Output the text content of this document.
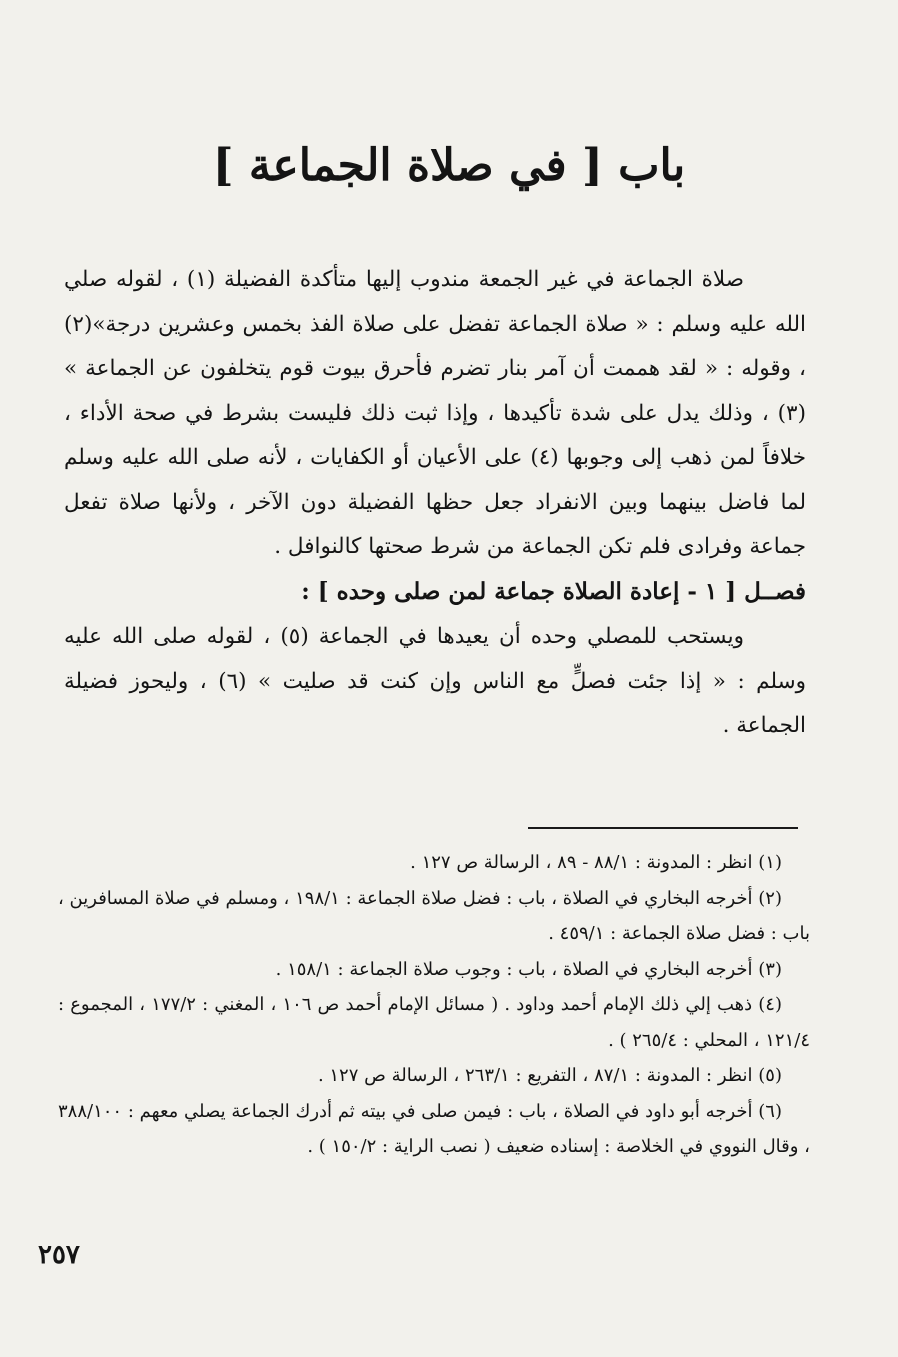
باب [ في صلاة الجماعة ]

صلاة الجماعة في غير الجمعة مندوب إليها متأكدة الفضيلة (١) ، لقوله صلي الله عليه وسلم : « صلاة الجماعة تفضل على صلاة الفذ بخمس وعشرين درجة»(٢) ، وقوله : « لقد هممت أن آمر بنار تضرم فأحرق بيوت قوم يتخلفون عن الجماعة » (٣) ، وذلك يدل على شدة تأكيدها ، وإذا ثبت ذلك فليست بشرط في صحة الأداء ، خلافاً لمن ذهب إلى وجوبها (٤) على الأعيان أو الكفايات ، لأنه صلى الله عليه وسلم لما فاضل بينهما وبين الانفراد جعل حظها الفضيلة دون الآخر ، ولأنها صلاة تفعل جماعة وفرادى فلم تكن الجماعة من شرط صحتها كالنوافل .

فصــل [ ١ - إعادة الصلاة جماعة لمن صلى وحده ] :

ويستحب للمصلي وحده أن يعيدها في الجماعة (٥) ، لقوله صلى الله عليه وسلم : « إذا جئت فصلٍّ مع الناس وإن كنت قد صليت » (٦) ، وليحوز فضيلة الجماعة .

(١) انظر : المدونة : ٨٨/١ - ٨٩ ، الرسالة ص ١٢٧ .

(٢) أخرجه البخاري في الصلاة ، باب : فضل صلاة الجماعة : ١٩٨/١ ، ومسلم في صلاة المسافرين ، باب : فضل صلاة الجماعة : ٤٥٩/١ .

(٣) أخرجه البخاري في الصلاة ، باب : وجوب صلاة الجماعة : ١٥٨/١ .

(٤) ذهب إلي ذلك الإمام أحمد وداود . ( مسائل الإمام أحمد ص ١٠٦ ، المغني : ١٧٧/٢ ، المجموع : ١٢١/٤ ، المحلي : ٢٦٥/٤ ) .

(٥) انظر : المدونة : ٨٧/١ ، التفريع : ٢٦٣/١ ، الرسالة ص ١٢٧ .

(٦) أخرجه أبو داود في الصلاة ، باب : فيمن صلى في بيته ثم أدرك الجماعة يصلي معهم : ٣٨٨/١٠٠ ، وقال النووي في الخلاصة : إسناده ضعيف ( نصب الراية : ١٥٠/٢ ) .

٢٥٧
